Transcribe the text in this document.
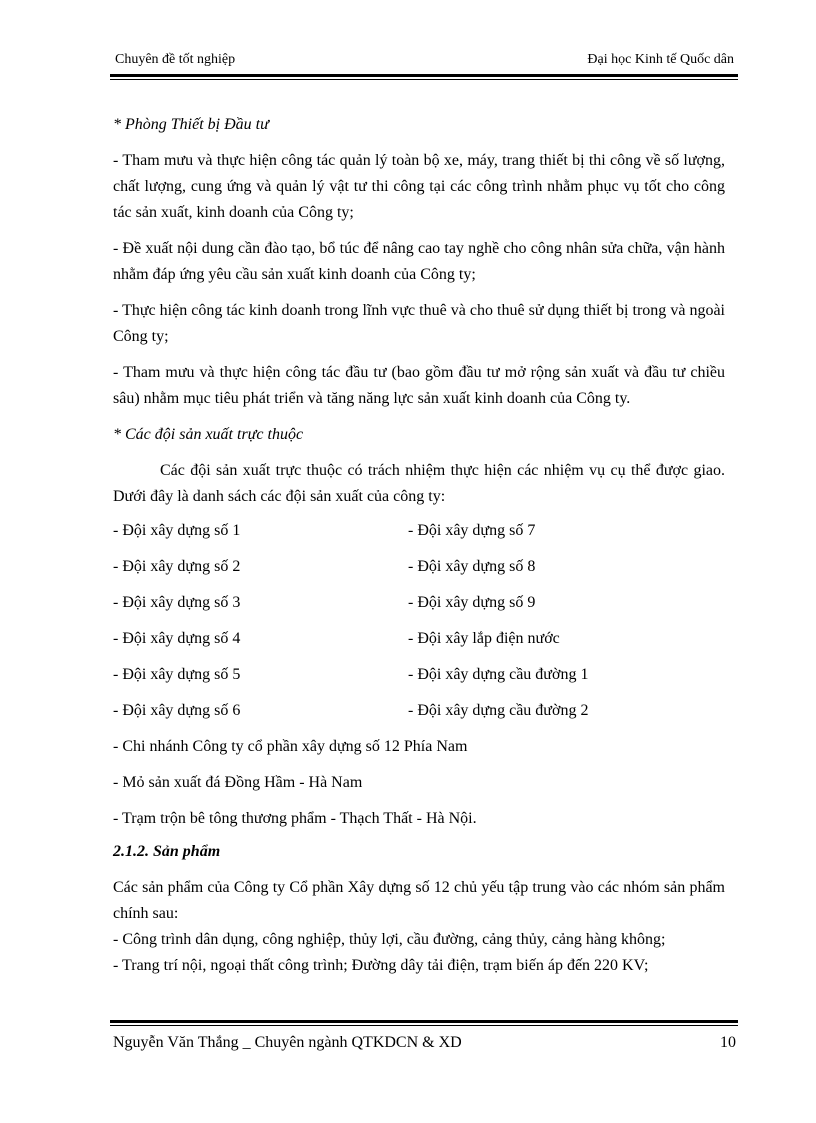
Chuyên đề tốt nghiệp	Đại học Kinh tế Quốc dân

* Phòng Thiết bị Đầu tư

- Tham mưu và thực hiện công tác quản lý toàn bộ xe, máy, trang thiết bị thi công về số lượng, chất lượng, cung ứng và quản lý vật tư thi công tại các công trình nhằm phục vụ tốt cho công tác sản xuất, kinh doanh của Công ty;

- Đề xuất nội dung cần đào tạo, bổ túc để nâng cao tay nghề cho công nhân sửa chữa, vận hành nhằm đáp ứng yêu cầu sản xuất kinh doanh của Công ty;

- Thực hiện công tác kinh doanh trong lĩnh vực thuê và cho thuê sử dụng thiết bị trong và ngoài Công ty;

- Tham mưu và thực hiện công tác đầu tư (bao gồm đầu tư mở rộng sản xuất và đầu tư chiều sâu) nhằm mục tiêu phát triển và tăng năng lực sản xuất kinh doanh của Công ty.

* Các đội sản xuất trực thuộc

Các đội sản xuất trực thuộc có trách nhiệm thực hiện các nhiệm vụ cụ thể được giao. Dưới đây là danh sách các đội sản xuất của công ty:

- Đội xây dựng số 1	- Đội xây dựng số 7
- Đội xây dựng số 2	- Đội xây dựng số 8
- Đội xây dựng số 3	- Đội xây dựng số 9
- Đội xây dựng số 4	- Đội xây lắp điện nước
- Đội xây dựng số 5	- Đội xây dựng cầu đường 1
- Đội xây dựng số 6	- Đội xây dựng cầu đường 2
- Chi nhánh Công ty cổ phần xây dựng số 12 Phía Nam
- Mỏ sản xuất đá Đồng Hầm - Hà Nam
- Trạm trộn bê tông thương phẩm - Thạch Thất - Hà Nội.

2.1.2. Sản phẩm

Các sản phẩm của Công ty Cổ phần Xây dựng số 12 chủ yếu tập trung vào các nhóm sản phẩm chính sau:

- Công trình dân dụng, công nghiệp, thủy lợi, cầu đường, cảng thủy, cảng hàng không;

- Trang trí nội, ngoại thất công trình; Đường dây tải điện, trạm biến áp đến 220 KV;

Nguyễn Văn Thắng _ Chuyên ngành QTKDCN & XD	10
